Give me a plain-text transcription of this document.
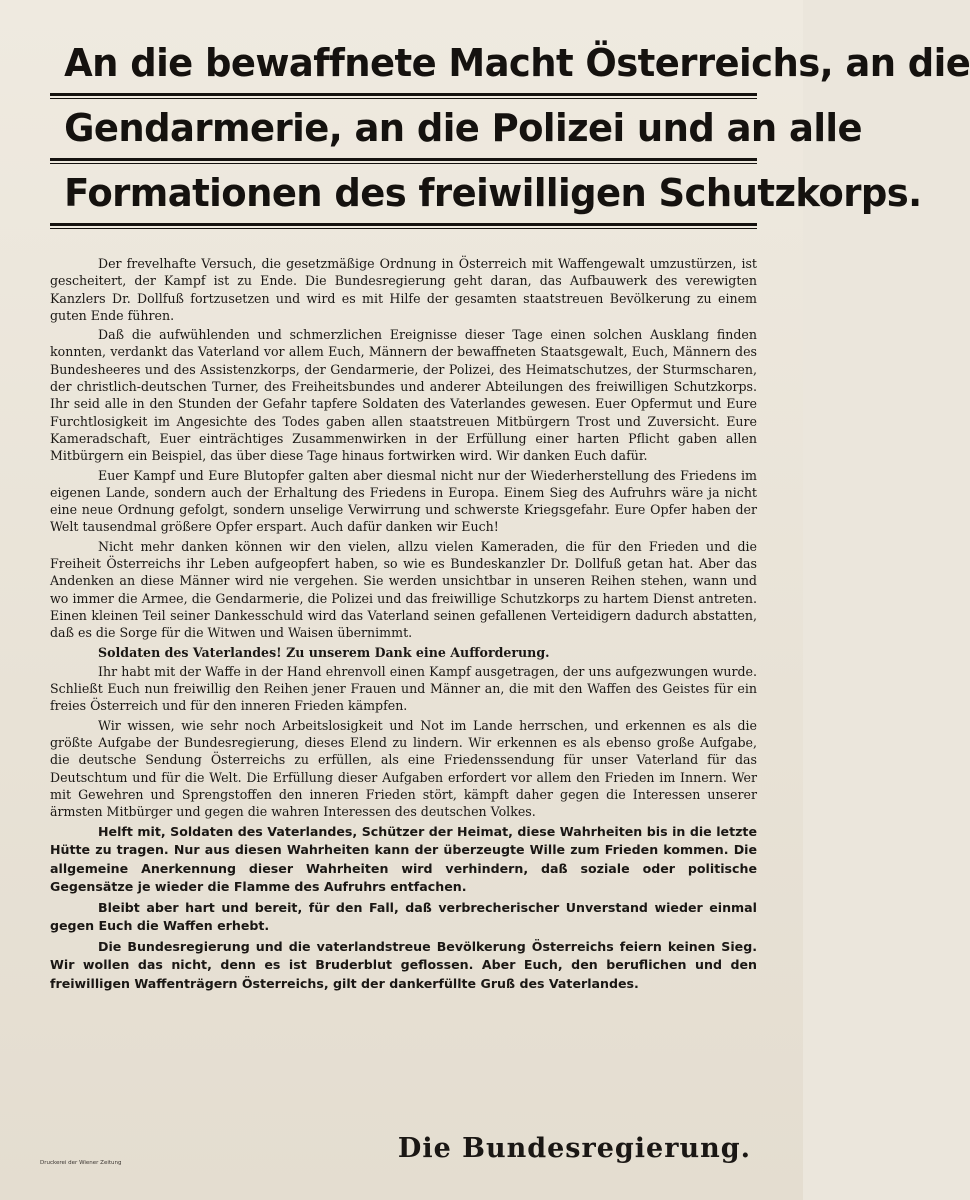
An die bewaffnete Macht Österreichs, an die
Gendarmerie, an die Polizei und an alle
Formationen des freiwilligen Schutzkorps.

Der frevelhafte Versuch, die gesetzmäßige Ordnung in Österreich mit Waffengewalt umzustürzen, ist gescheitert, der Kampf ist zu Ende. Die Bundesregierung geht daran, das Aufbauwerk des verewigten Kanzlers Dr. Dollfuß fortzusetzen und wird es mit Hilfe der gesamten staatstreuen Bevölkerung zu einem guten Ende führen.

Daß die aufwühlenden und schmerzlichen Ereignisse dieser Tage einen solchen Ausklang finden konnten, verdankt das Vaterland vor allem Euch, Männern der bewaffneten Staatsgewalt, Euch, Männern des Bundesheeres und des Assistenzkorps, der Gendarmerie, der Polizei, des Heimatschutzes, der Sturmscharen, der christlich-deutschen Turner, des Freiheitsbundes und anderer Abteilungen des freiwilligen Schutzkorps. Ihr seid alle in den Stunden der Gefahr tapfere Soldaten des Vaterlandes gewesen. Euer Opfermut und Eure Furchtlosigkeit im Angesichte des Todes gaben allen staatstreuen Mitbürgern Trost und Zuversicht. Eure Kameradschaft, Euer einträchtiges Zusammenwirken in der Erfüllung einer harten Pflicht gaben allen Mitbürgern ein Beispiel, das über diese Tage hinaus fortwirken wird. Wir danken Euch dafür.

Euer Kampf und Eure Blutopfer galten aber diesmal nicht nur der Wiederherstellung des Friedens im eigenen Lande, sondern auch der Erhaltung des Friedens in Europa. Einem Sieg des Aufruhrs wäre ja nicht eine neue Ordnung gefolgt, sondern unselige Verwirrung und schwerste Kriegsgefahr. Eure Opfer haben der Welt tausendmal größere Opfer erspart. Auch dafür danken wir Euch!

Nicht mehr danken können wir den vielen, allzu vielen Kameraden, die für den Frieden und die Freiheit Österreichs ihr Leben aufgeopfert haben, so wie es Bundeskanzler Dr. Dollfuß getan hat. Aber das Andenken an diese Männer wird nie vergehen. Sie werden unsichtbar in unseren Reihen stehen, wann und wo immer die Armee, die Gendarmerie, die Polizei und das freiwillige Schutzkorps zu hartem Dienst antreten. Einen kleinen Teil seiner Dankesschuld wird das Vaterland seinen gefallenen Verteidigern dadurch abstatten, daß es die Sorge für die Witwen und Waisen übernimmt.

Soldaten des Vaterlandes! Zu unserem Dank eine Aufforderung.

Ihr habt mit der Waffe in der Hand ehrenvoll einen Kampf ausgetragen, der uns aufgezwungen wurde. Schließt Euch nun freiwillig den Reihen jener Frauen und Männer an, die mit den Waffen des Geistes für ein freies Österreich und für den inneren Frieden kämpfen.

Wir wissen, wie sehr noch Arbeitslosigkeit und Not im Lande herrschen, und erkennen es als die größte Aufgabe der Bundesregierung, dieses Elend zu lindern. Wir erkennen es als ebenso große Aufgabe, die deutsche Sendung Österreichs zu erfüllen, als eine Friedenssendung für unser Vaterland für das Deutschtum und für die Welt. Die Erfüllung dieser Aufgaben erfordert vor allem den Frieden im Innern. Wer mit Gewehren und Sprengstoffen den inneren Frieden stört, kämpft daher gegen die Interessen unserer ärmsten Mitbürger und gegen die wahren Interessen des deutschen Volkes.

Helft mit, Soldaten des Vaterlandes, Schützer der Heimat, diese Wahrheiten bis in die letzte Hütte zu tragen. Nur aus diesen Wahrheiten kann der überzeugte Wille zum Frieden kommen. Die allgemeine Anerkennung dieser Wahrheiten wird verhindern, daß soziale oder politische Gegensätze je wieder die Flamme des Aufruhrs entfachen.

Bleibt aber hart und bereit, für den Fall, daß verbrecherischer Unverstand wieder einmal gegen Euch die Waffen erhebt.

Die Bundesregierung und die vaterlandstreue Bevölkerung Österreichs feiern keinen Sieg. Wir wollen das nicht, denn es ist Bruderblut geflossen. Aber Euch, den beruflichen und den freiwilligen Waffenträgern Österreichs, gilt der dankerfüllte Gruß des Vaterlandes.

Druckerei der Wiener Zeitung	Die Bundesregierung.
